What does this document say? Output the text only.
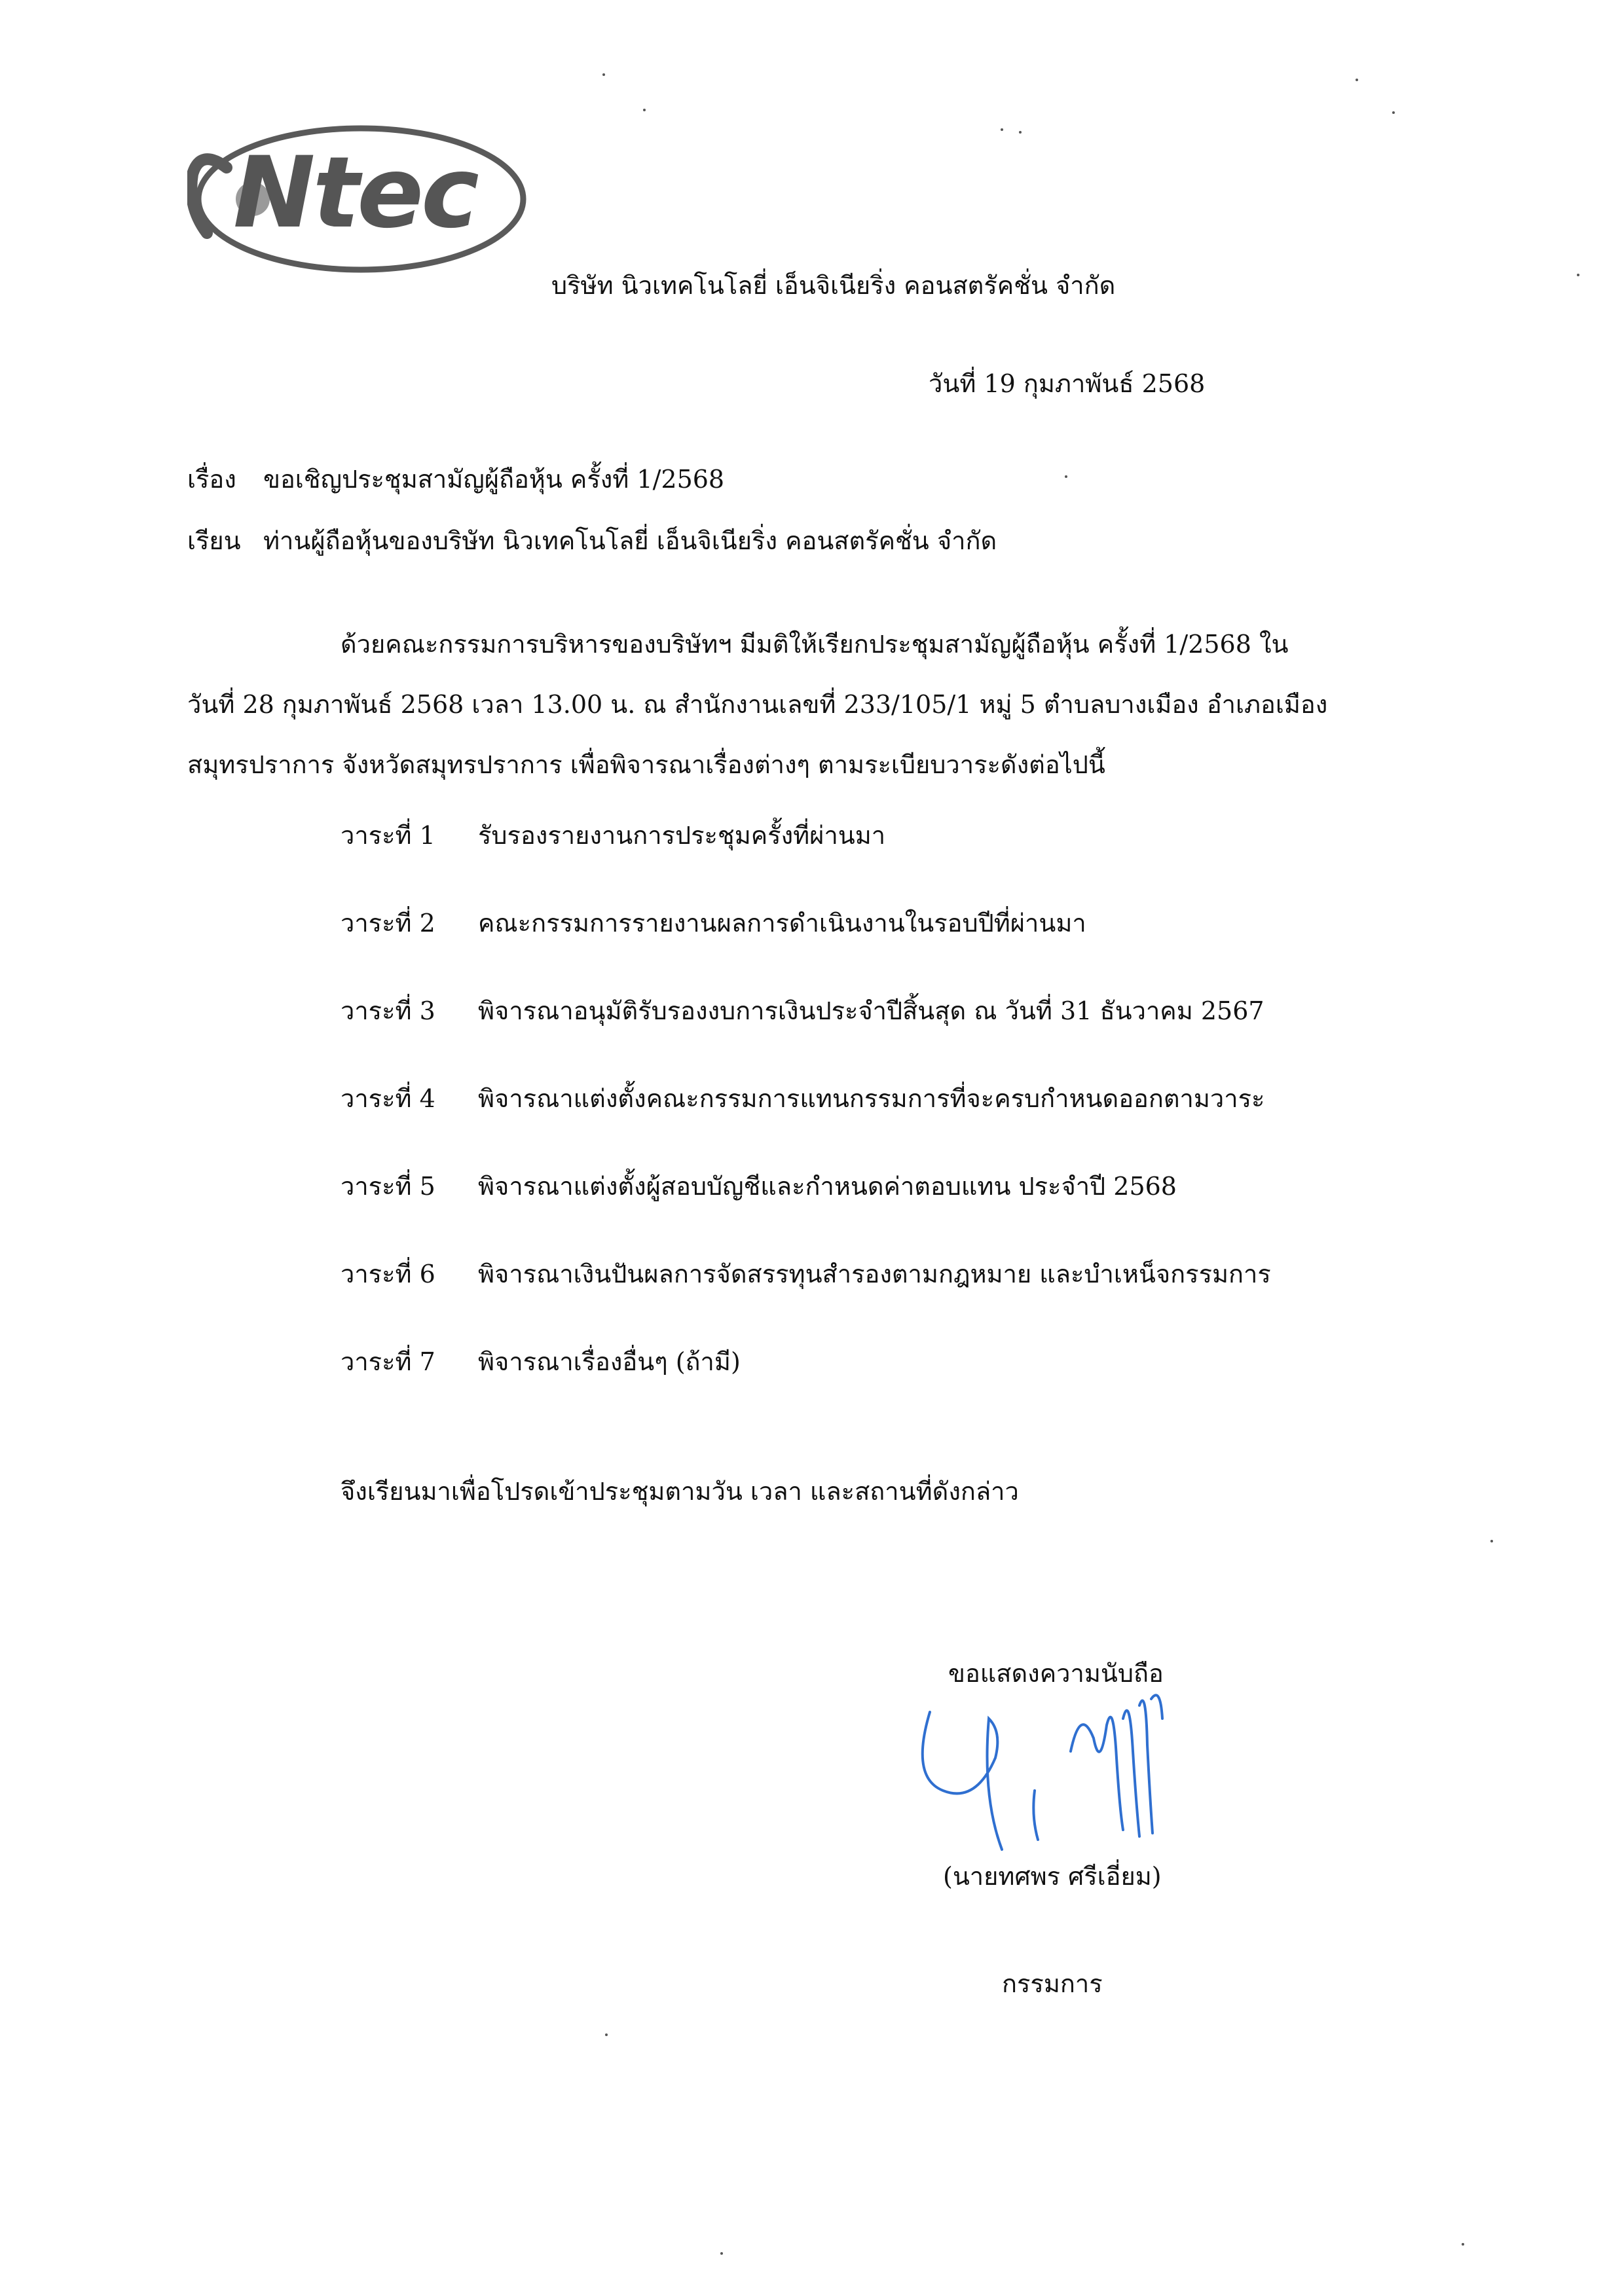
Ntec
บริษัท นิวเทคโนโลยี่ เอ็นจิเนียริ่ง คอนสตรัคชั่น จำกัด
วันที่ 19 กุมภาพันธ์ 2568
เรื่อง ขอเชิญประชุมสามัญผู้ถือหุ้น ครั้งที่ 1/2568
เรียน ท่านผู้ถือหุ้นของบริษัท นิวเทคโนโลยี่ เอ็นจิเนียริ่ง คอนสตรัคชั่น จำกัด
ด้วยคณะกรรมการบริหารของบริษัทฯ มีมติให้เรียกประชุมสามัญผู้ถือหุ้น ครั้งที่ 1/2568 ใน
วันที่ 28 กุมภาพันธ์ 2568 เวลา 13.00 น. ณ สำนักงานเลขที่ 233/105/1 หมู่ 5 ตำบลบางเมือง อำเภอเมือง
สมุทรปราการ จังหวัดสมุทรปราการ เพื่อพิจารณาเรื่องต่างๆ ตามระเบียบวาระดังต่อไปนี้
วาระที่ 1 รับรองรายงานการประชุมครั้งที่ผ่านมา
วาระที่ 2 คณะกรรมการรายงานผลการดำเนินงานในรอบปีที่ผ่านมา
วาระที่ 3 พิจารณาอนุมัติรับรองงบการเงินประจำปีสิ้นสุด ณ วันที่ 31 ธันวาคม 2567
วาระที่ 4 พิจารณาแต่งตั้งคณะกรรมการแทนกรรมการที่จะครบกำหนดออกตามวาระ
วาระที่ 5 พิจารณาแต่งตั้งผู้สอบบัญชีและกำหนดค่าตอบแทน ประจำปี 2568
วาระที่ 6 พิจารณาเงินปันผลการจัดสรรทุนสำรองตามกฎหมาย และบำเหน็จกรรมการ
วาระที่ 7 พิจารณาเรื่องอื่นๆ (ถ้ามี)
จึงเรียนมาเพื่อโปรดเข้าประชุมตามวัน เวลา และสถานที่ดังกล่าว
ขอแสดงความนับถือ
(นายทศพร ศรีเอี่ยม)
กรรมการ
